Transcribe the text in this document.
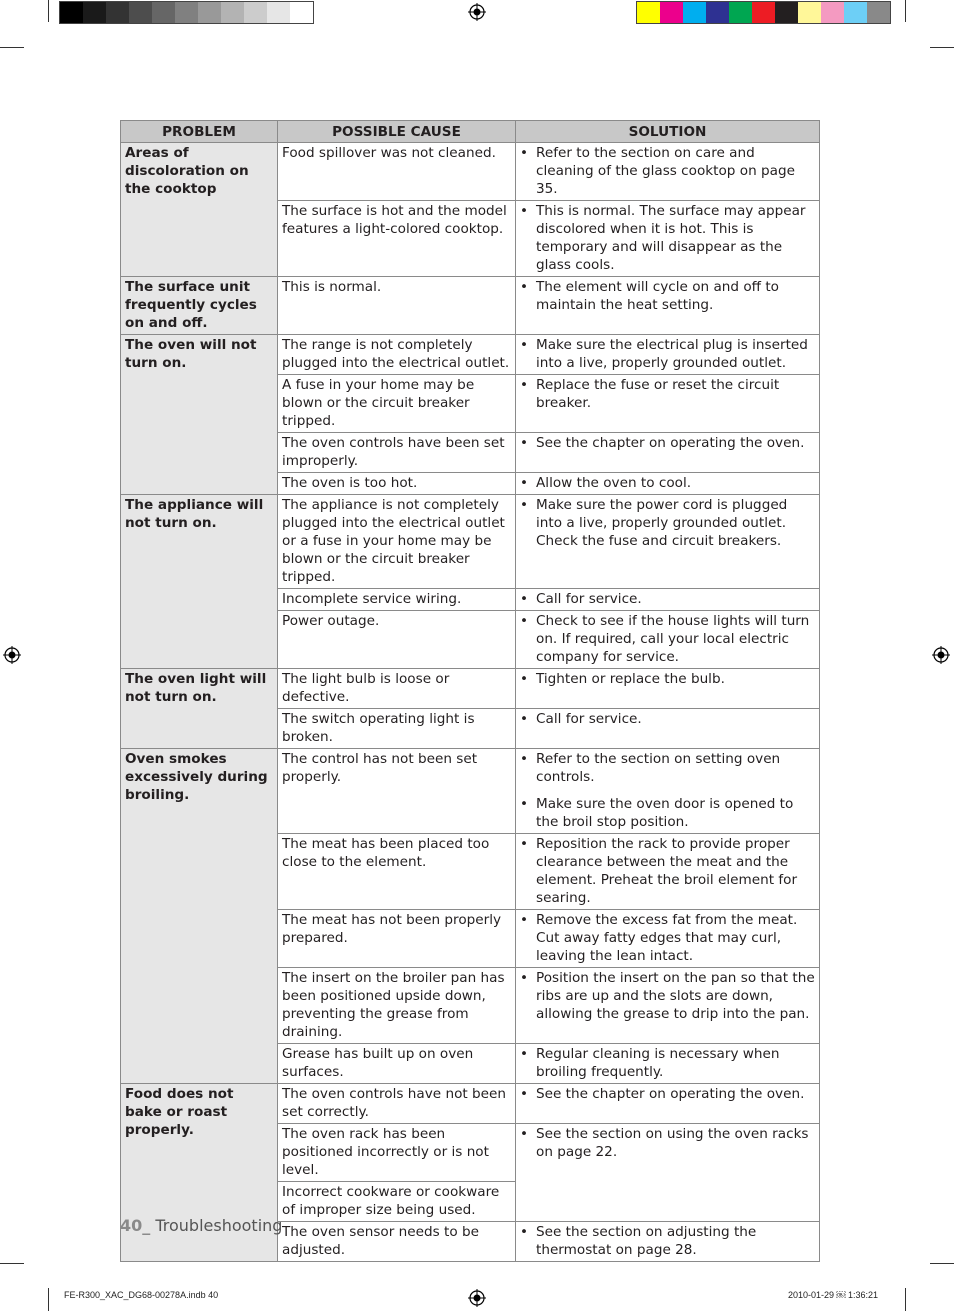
PROBLEM	POSSIBLE CAUSE	SOLUTION
Areas of discoloration on the cooktop	Food spillover was not cleaned.	• Refer to the section on care and cleaning of the glass cooktop on page 35.

	The surface is hot and the model features a light-colored cooktop.	• This is normal. The surface may appear discolored when it is hot. This is temporary and will disappear as the glass cools.

The surface unit frequently cycles on and off.	This is normal.	• The element will cycle on and off to maintain the heat setting.

The oven will not turn on.	The range is not completely plugged into the electrical outlet.	• Make sure the electrical plug is inserted into a live, properly grounded outlet.

	A fuse in your home may be blown or the circuit breaker tripped.	• Replace the fuse or reset the circuit breaker.

	The oven controls have been set improperly.	• See the chapter on operating the oven.

	The oven is too hot.	• Allow the oven to cool.

The appliance will not turn on.	The appliance is not completely plugged into the electrical outlet or a fuse in your home may be blown or the circuit breaker tripped.	• Make sure the power cord is plugged into a live, properly grounded outlet. Check the fuse and circuit breakers.

	Incomplete service wiring.	• Call for service.

	Power outage.	• Check to see if the house lights will turn on. If required, call your local electric company for service.

The oven light will not turn on.	The light bulb is loose or defective.	• Tighten or replace the bulb.

	The switch operating light is broken.	• Call for service.

Oven smokes excessively during broiling.	The control has not been set properly.	• Refer to the section on setting oven controls.

• Make sure the oven door is opened to the broil stop position.

	The meat has been placed too close to the element.	• Reposition the rack to provide proper clearance between the meat and the element. Preheat the broil element for searing.

	The meat has not been properly prepared.	• Remove the excess fat from the meat. Cut away fatty edges that may curl, leaving the lean intact.

	The insert on the broiler pan has been positioned upside down, preventing the grease from draining.	• Position the insert on the pan so that the ribs are up and the slots are down, allowing the grease to drip into the pan.

	Grease has built up on oven surfaces.	• Regular cleaning is necessary when broiling frequently.

Food does not bake or roast properly.	The oven controls have not been set correctly.	• See the chapter on operating the oven.

	The oven rack has been positioned incorrectly or is not level.	• See the section on using the oven racks on page 22.

	Incorrect cookware or cookware of improper size being used.	
	The oven sensor needs to be adjusted.	• See the section on adjusting the thermostat on page 28.

40_ Troubleshooting
FE-R300_XAC_DG68-00278A.indb 40	2010-01-29 ￼ 1:36:21
